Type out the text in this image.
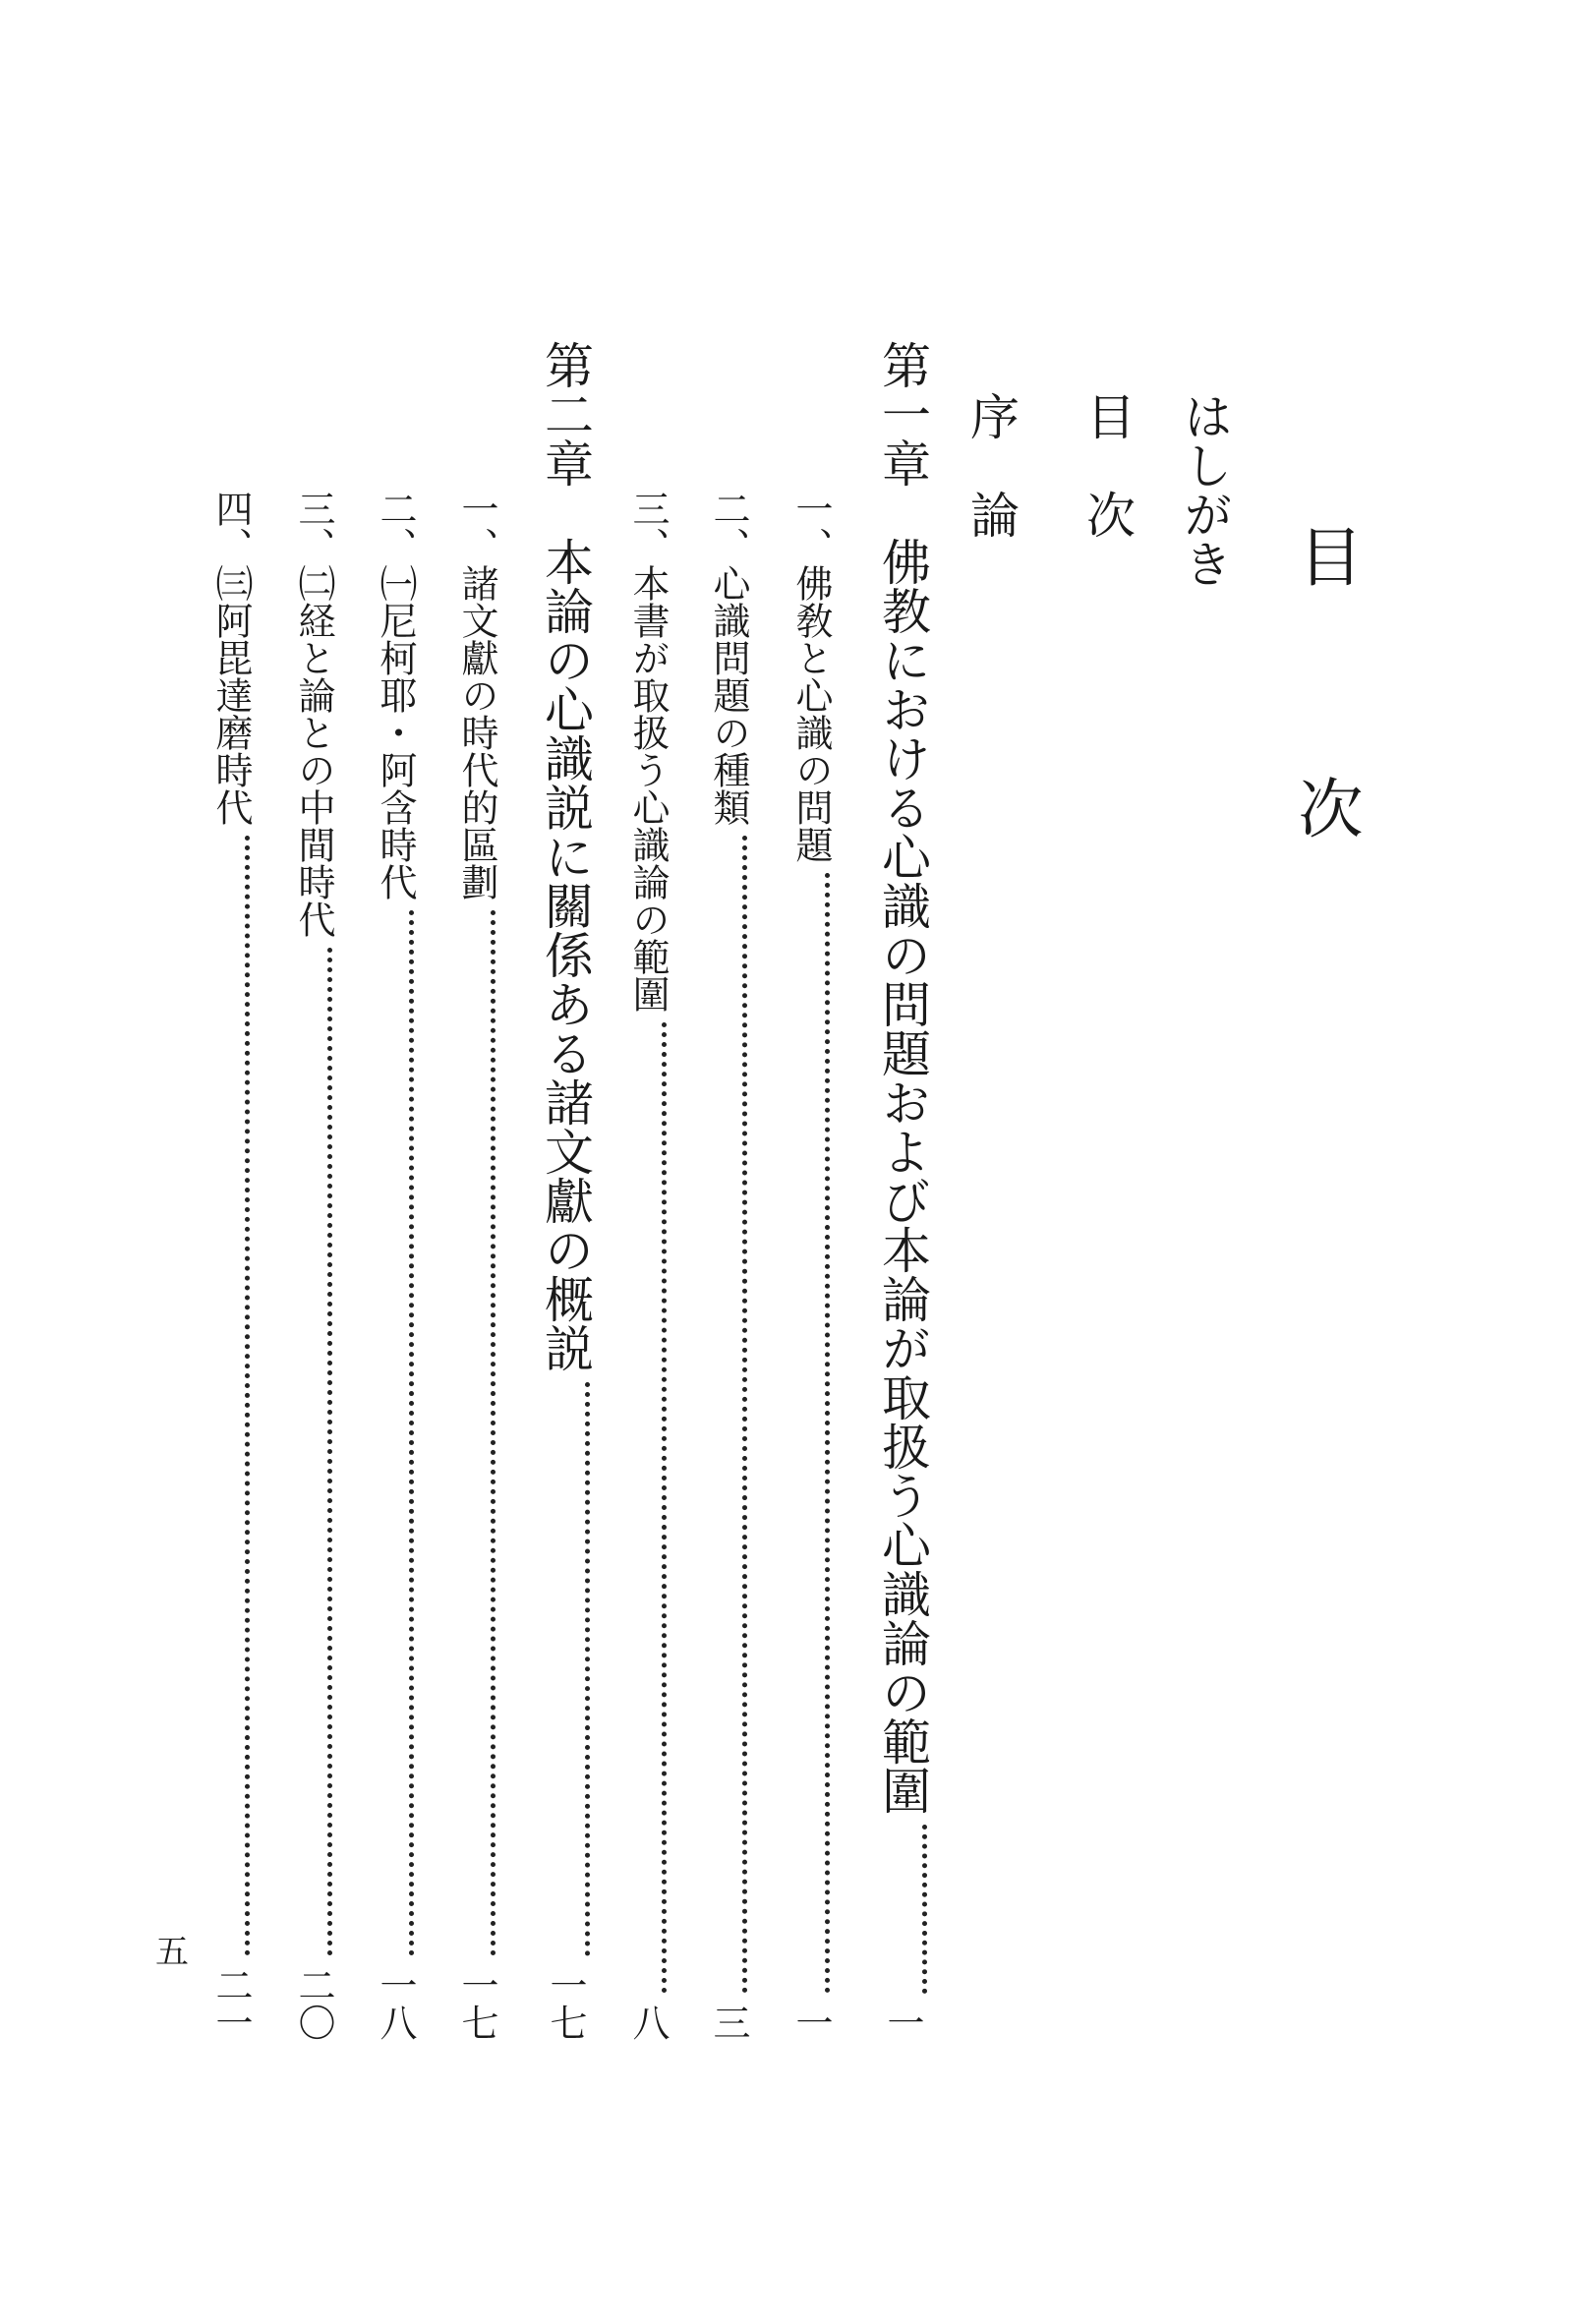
目次
はしがき
目　次
序　論
第一章　佛教における心識の問題および本論が取扱う心識論の範圍
一
一、佛敎と心識の問題
一
二、心識問題の種類
三
三、本書が取扱う心識論の範圍
八
第二章　本論の心識説に關係ある諸文獻の概説
一七
一、諸文獻の時代的區劃
一七
二、㈠尼柯耶・阿含時代
一八
三、㈡経と論との中間時代
二〇
四、㈢阿毘達磨時代
二一
五
